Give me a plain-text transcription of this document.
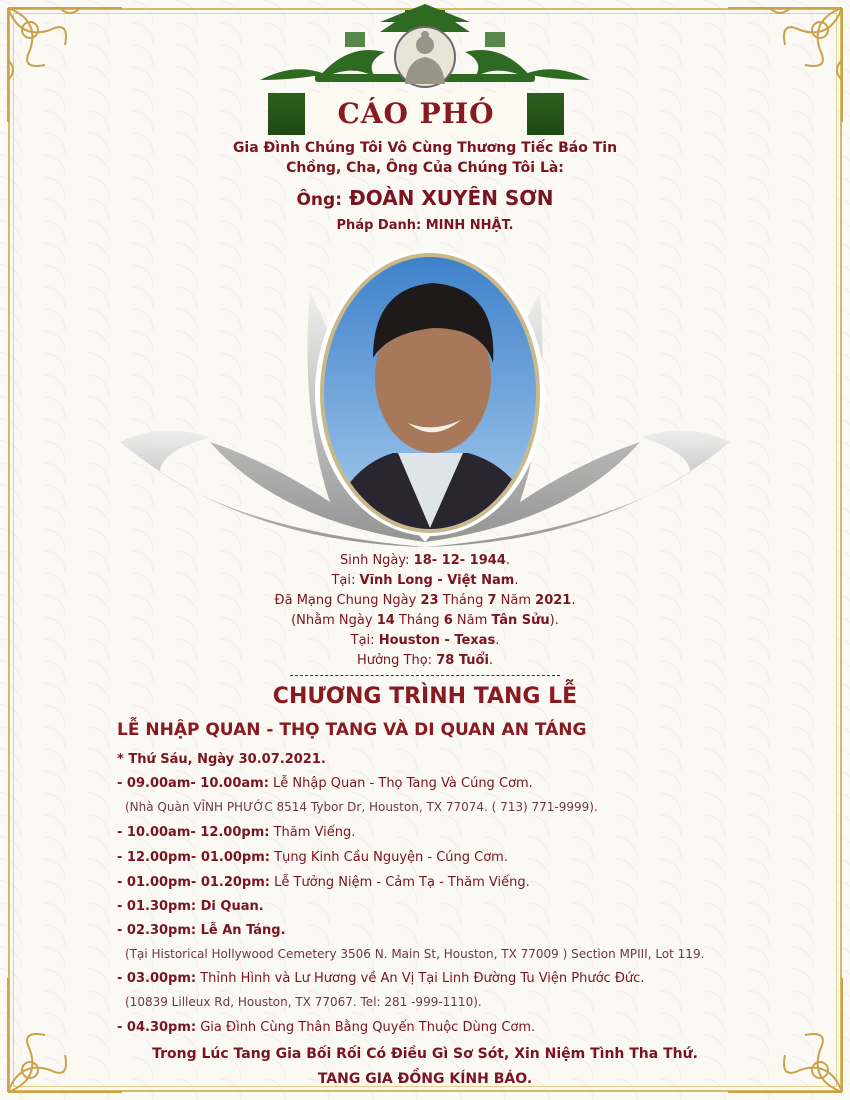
CÁO PHÓ
Gia Đình Chúng Tôi Vô Cùng Thương Tiếc Báo Tin
Chồng, Cha, Ông Của Chúng Tôi Là:
Ông: ĐOÀN XUYÊN SƠN
Pháp Danh: MINH NHẬT.
Sinh Ngày: 18- 12- 1944.
Tại: Vĩnh Long - Việt Nam.
Đã Mạng Chung Ngày 23 Tháng 7 Năm 2021.
(Nhằm Ngày 14 Tháng 6 Năm Tân Sửu).
Tại: Houston - Texas.
Hưởng Thọ: 78 Tuổi.
CHƯƠNG TRÌNH TANG LỄ
LỄ NHẬP QUAN - THỌ TANG VÀ DI QUAN AN TÁNG
* Thứ Sáu, Ngày 30.07.2021.
- 09.00am- 10.00am: Lễ Nhập Quan - Thọ Tang Và Cúng Cơm.
(Nhà Quàn VĨNH PHƯỚC 8514 Tybor Dr, Houston, TX 77074. ( 713) 771-9999).
- 10.00am- 12.00pm: Thăm Viếng.
- 12.00pm- 01.00pm: Tụng Kinh Cầu Nguyện - Cúng Cơm.
- 01.00pm- 01.20pm: Lễ Tưởng Niệm - Cảm Tạ - Thăm Viếng.
- 01.30pm: Di Quan.
- 02.30pm: Lễ An Táng.
(Tại Historical Hollywood Cemetery 3506 N. Main St, Houston, TX 77009 ) Section MPIII, Lot 119.
- 03.00pm: Thỉnh Hình và Lư Hương về An Vị Tại Linh Đường Tu Viện Phước Đức.
(10839 Lilleux Rd, Houston, TX 77067. Tel: 281 -999-1110).
- 04.30pm: Gia Đình Cùng Thân Bằng Quyến Thuộc Dùng Cơm.
Trong Lúc Tang Gia Bối Rối Có Điều Gì Sơ Sót, Xin Niệm Tình Tha Thứ.
TANG GIA ĐỒNG KÍNH BÁO.
